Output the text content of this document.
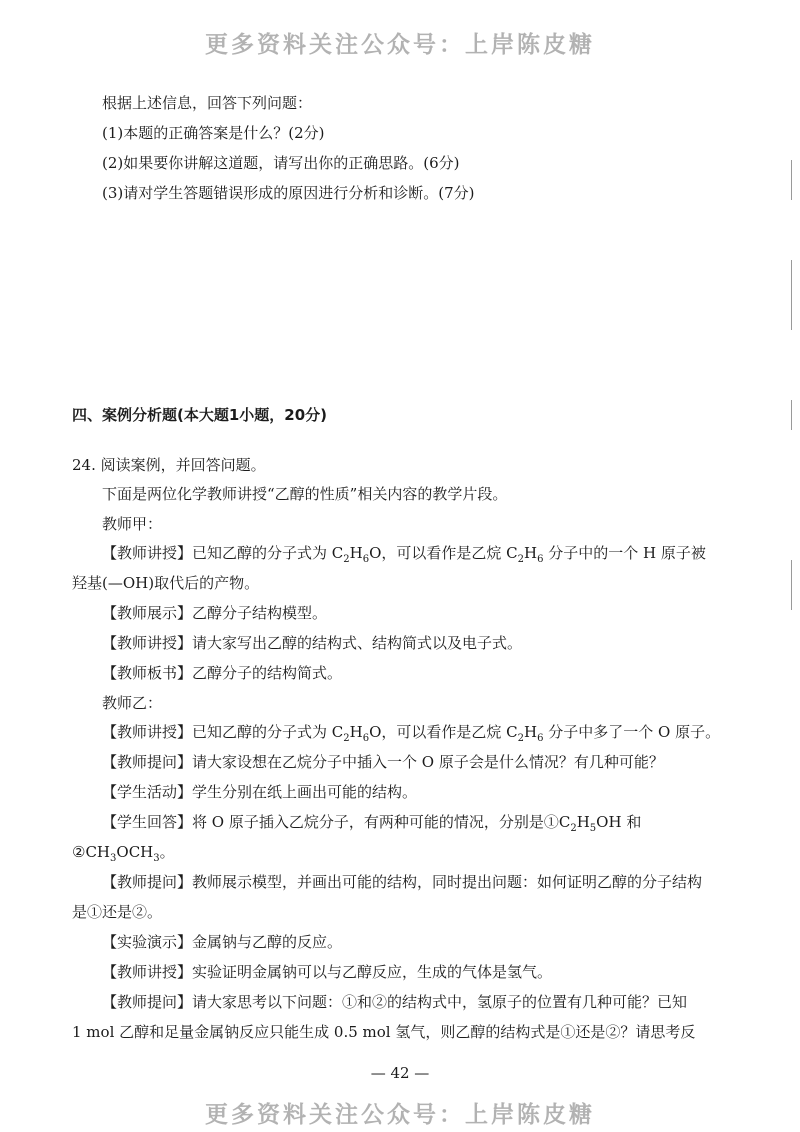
更多资料关注公众号：上岸陈皮糖
根据上述信息，回答下列问题：
(1)本题的正确答案是什么？(2分)
(2)如果要你讲解这道题，请写出你的正确思路。(6分)
(3)请对学生答题错误形成的原因进行分析和诊断。(7分)
四、案例分析题(本大题1小题，20分)
24. 阅读案例，并回答问题。
下面是两位化学教师讲授“乙醇的性质”相关内容的教学片段。
教师甲：
【教师讲授】已知乙醇的分子式为 $C_2H_6O$，可以看作是乙烷 $C_2H_6$ 分子中的一个 H 原子被
羟基(—OH)取代后的产物。
【教师展示】乙醇分子结构模型。
【教师讲授】请大家写出乙醇的结构式、结构简式以及电子式。
【教师板书】乙醇分子的结构简式。
教师乙：
【教师讲授】已知乙醇的分子式为 $C_2H_6O$，可以看作是乙烷 $C_2H_6$ 分子中多了一个 O 原子。
【教师提问】请大家设想在乙烷分子中插入一个 O 原子会是什么情况？有几种可能？
【学生活动】学生分别在纸上画出可能的结构。
【学生回答】将 O 原子插入乙烷分子，有两种可能的情况，分别是$①C_2H_5OH$ 和
$②CH_3OCH_3$。
【教师提问】教师展示模型，并画出可能的结构，同时提出问题：如何证明乙醇的分子结构
是①还是②。
【实验演示】金属钠与乙醇的反应。
【教师讲授】实验证明金属钠可以与乙醇反应，生成的气体是氢气。
【教师提问】请大家思考以下问题：①和②的结构式中，氢原子的位置有几种可能？已知
1 mol 乙醇和足量金属钠反应只能生成 0.5 mol 氢气，则乙醇的结构式是①还是②？请思考反
— 42 —
更多资料关注公众号：上岸陈皮糖
